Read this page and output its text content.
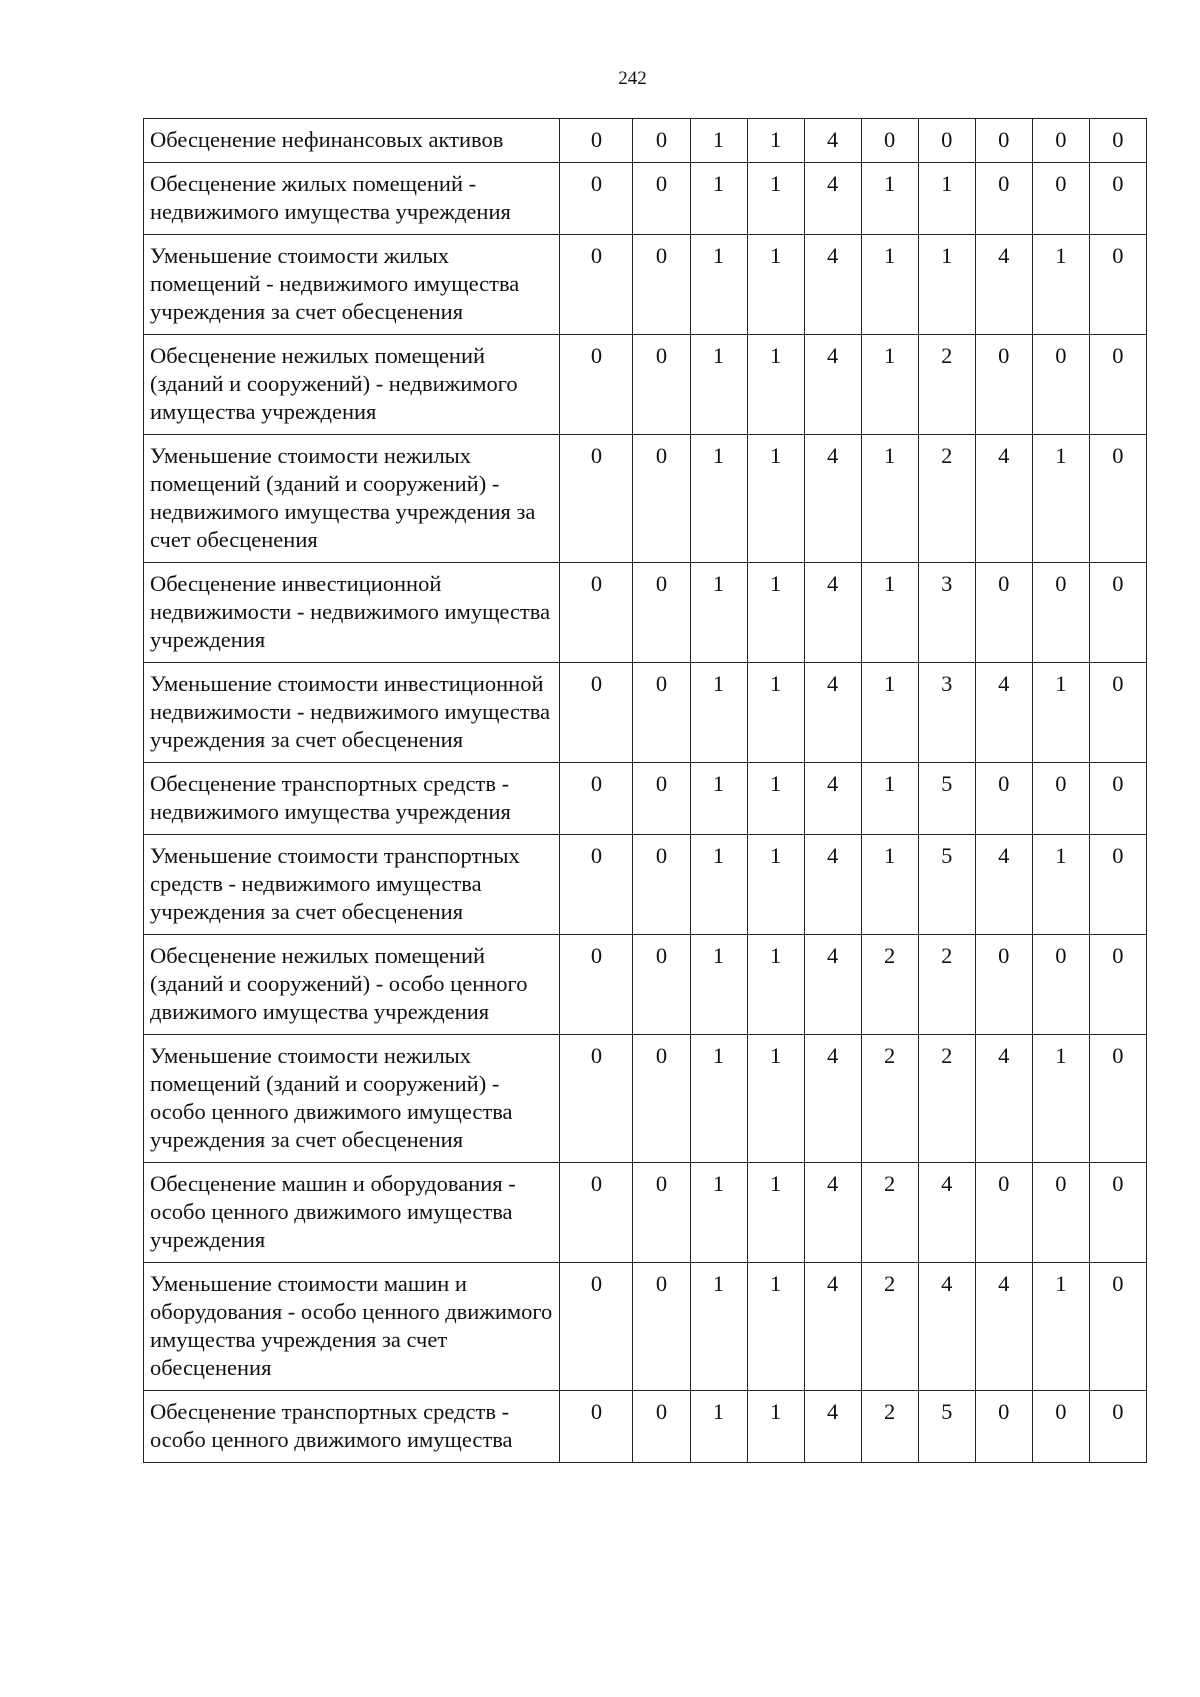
242
Обесценение нефинансовых активов	0	0	1	1	4	0	0	0	0	0
Обесценение жилых помещений - недвижимого имущества учреждения	0	0	1	1	4	1	1	0	0	0
Уменьшение стоимости жилых помещений - недвижимого имущества учреждения за счет обесценения	0	0	1	1	4	1	1	4	1	0
Обесценение нежилых помещений (зданий и сооружений) - недвижимого имущества учреждения	0	0	1	1	4	1	2	0	0	0
Уменьшение стоимости нежилых помещений (зданий и сооружений) - недвижимого имущества учреждения за счет обесценения	0	0	1	1	4	1	2	4	1	0
Обесценение инвестиционной недвижимости - недвижимого имущества учреждения	0	0	1	1	4	1	3	0	0	0
Уменьшение стоимости инвестиционной недвижимости - недвижимого имущества учреждения за счет обесценения	0	0	1	1	4	1	3	4	1	0
Обесценение транспортных средств - недвижимого имущества учреждения	0	0	1	1	4	1	5	0	0	0
Уменьшение стоимости транспортных средств - недвижимого имущества учреждения за счет обесценения	0	0	1	1	4	1	5	4	1	0
Обесценение нежилых помещений (зданий и сооружений) - особо ценного движимого имущества учреждения	0	0	1	1	4	2	2	0	0	0
Уменьшение стоимости нежилых помещений (зданий и сооружений) - особо ценного движимого имущества учреждения за счет обесценения	0	0	1	1	4	2	2	4	1	0
Обесценение машин и оборудования - особо ценного движимого имущества учреждения	0	0	1	1	4	2	4	0	0	0
Уменьшение стоимости машин и оборудования - особо ценного движимого имущества учреждения за счет обесценения	0	0	1	1	4	2	4	4	1	0
Обесценение транспортных средств - особо ценного движимого имущества	0	0	1	1	4	2	5	0	0	0
